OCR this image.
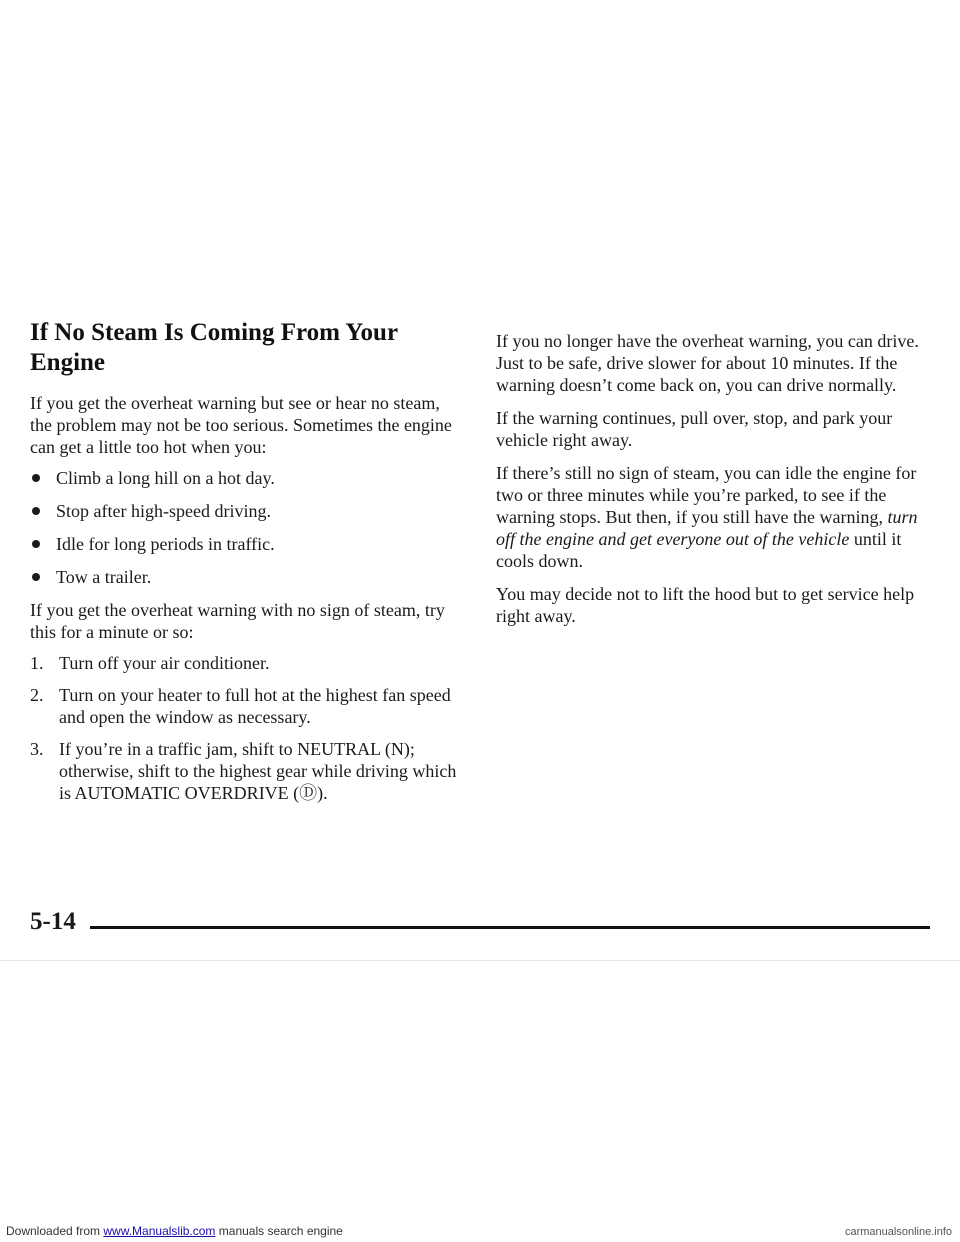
If No Steam Is Coming From Your Engine

If you get the overheat warning but see or hear no steam, the problem may not be too serious. Sometimes the engine can get a little too hot when you:

Climb a long hill on a hot day.
Stop after high-speed driving.
Idle for long periods in traffic.
Tow a trailer.

If you get the overheat warning with no sign of steam, try this for a minute or so:

1. Turn off your air conditioner.
2. Turn on your heater to full hot at the highest fan speed and open the window as necessary.
3. If you’re in a traffic jam, shift to NEUTRAL (N); otherwise, shift to the highest gear while driving which is AUTOMATIC OVERDRIVE (Ⓓ).

If you no longer have the overheat warning, you can drive. Just to be safe, drive slower for about 10 minutes. If the warning doesn’t come back on, you can drive normally.

If the warning continues, pull over, stop, and park your vehicle right away.

If there’s still no sign of steam, you can idle the engine for two or three minutes while you’re parked, to see if the warning stops. But then, if you still have the warning, turn off the engine and get everyone out of the vehicle until it cools down.

You may decide not to lift the hood but to get service help right away.

5-14
Downloaded from www.Manualslib.com manuals search engine	carmanualsonline.info
